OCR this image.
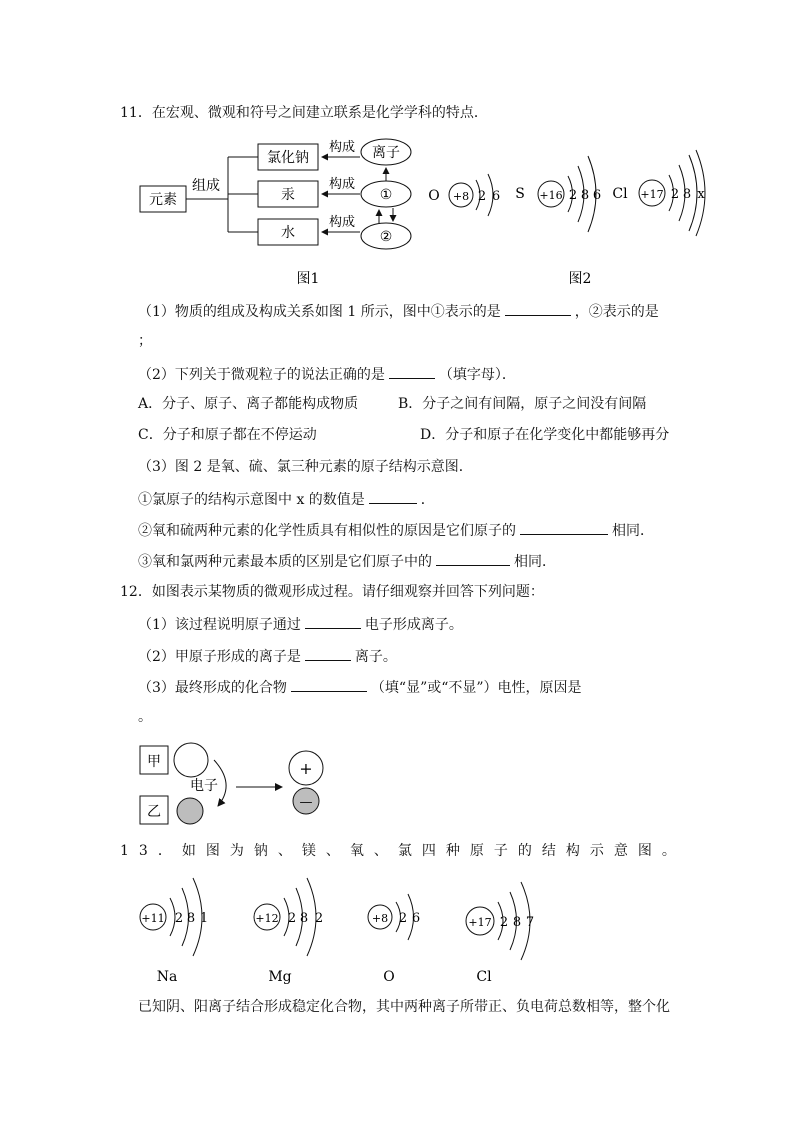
11．在宏观、微观和符号之间建立联系是化学学科的特点．
元素
组成
氯化钠
汞
水
构成
构成
构成
离子
①
②
图1
O +8 2 6 S +16 2 8 6 Cl +17 2 8 x
图2
（1）物质的组成及构成关系如图 1 所示，图中①表示的是	，②表示的是
；
（2）下列关于微观粒子的说法正确的是	（填字母）．
A．分子、原子、离子都能构成物质	B．分子之间有间隔，原子之间没有间隔
C．分子和原子都在不停运动	D．分子和原子在化学变化中都能够再分
（3）图 2 是氧、硫、氯三种元素的原子结构示意图．
①氯原子的结构示意图中 x 的数值是	．
②氧和硫两种元素的化学性质具有相似性的原因是它们原子的	相同．
③氧和氯两种元素最本质的区别是它们原子中的	相同．
12．如图表示某物质的微观形成过程。请仔细观察并回答下列问题：
（1）该过程说明原子通过	电子形成离子。
（2）甲原子形成的离子是	离子。
（3）最终形成的化合物	（填“显”或“不显”）电性，原因是
。
甲
乙
电子
+
—
13．如图为钠、镁、氧、氯四种原子的结构示意图。
+11 2 8 1
Na
+12 2 8 2
Mg
+8 2 6
O
+17 2 8 7
Cl
已知阴、阳离子结合形成稳定化合物，其中两种离子所带正、负电荷总数相等，整个化
